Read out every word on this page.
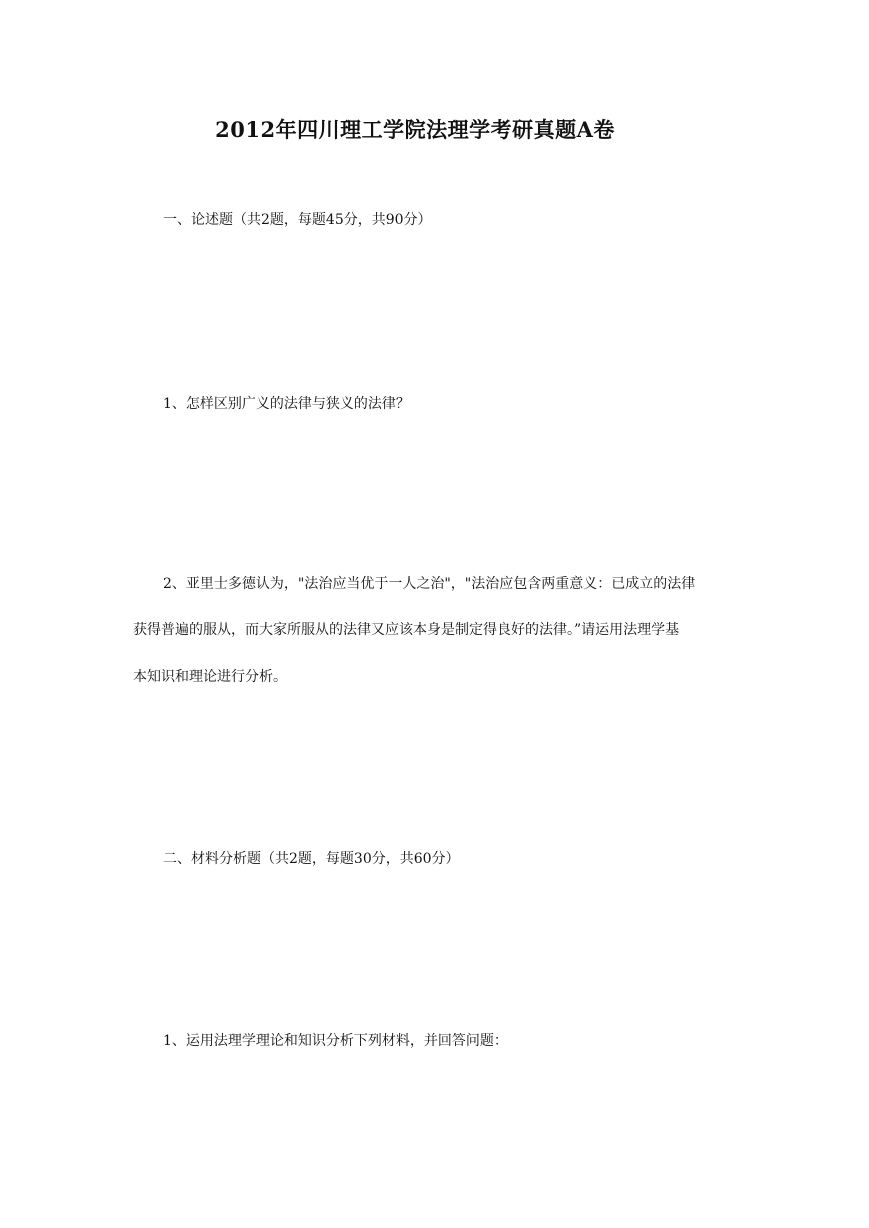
2012年四川理工学院法理学考研真题A卷
一、论述题（共2题，每题45分，共90分）
1、怎样区别广义的法律与狭义的法律？
2、亚里士多德认为，"法治应当优于一人之治"，"法治应包含两重意义：已成立的法律
获得普遍的服从，而大家所服从的法律又应该本身是制定得良好的法律。”请运用法理学基
本知识和理论进行分析。
二、材料分析题（共2题，每题30分，共60分）
1、运用法理学理论和知识分析下列材料，并回答问题：
